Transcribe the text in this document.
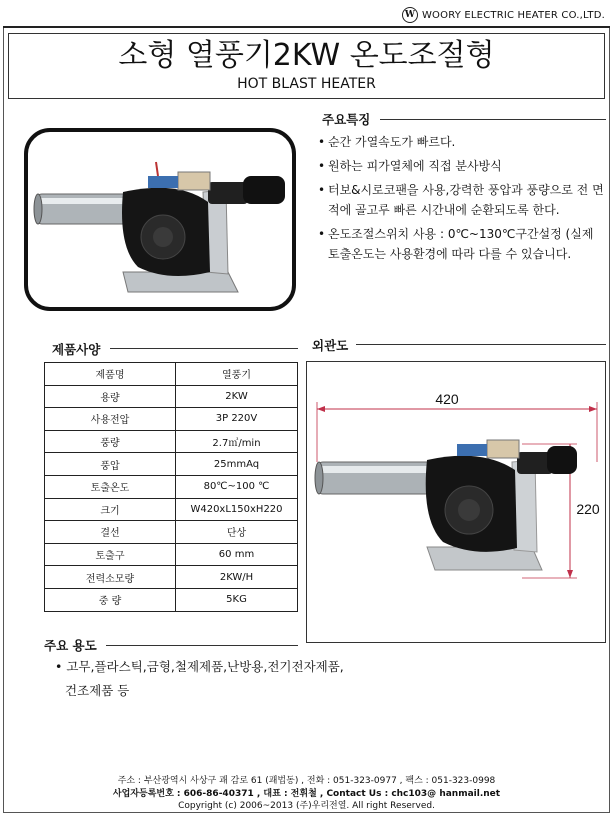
W WOORY ELECTRIC HEATER CO.,LTD.
소형 열풍기2KW 온도조절형
HOT BLAST HEATER
주요특징
• 순간 가열속도가 빠르다.
• 원하는 피가열체에 직접 분사방식
• 터보&시로코팬을 사용,강력한 풍압과 풍량으로 전 면적에 골고루 빠른 시간내에 순환되도록 한다.
• 온도조절스위치 사용 : 0℃~130℃구간설정 (실제 토출온도는 사용환경에 따라 다를 수 있습니다.
제품사양
제품명	열풍기
용량	2KW
사용전압	3P 220V
풍량	2.7㎥/min
풍압	25mmAq
토출온도	80℃~100 ℃
크기	W420xL150xH220
결선	단상
토출구	60 mm
전력소모량	2KW/H
중 량	5KG
외관도
420
220
주요 용도
• 고무,플라스틱,금형,철제제품,난방용,전기전자제품,
건조제품 등
주소 : 부산광역시 사상구 괘 감로 61 (괘법동) , 전화 : 051-323-0977 , 팩스 : 051-323-0998
사업자등록번호 : 606-86-40371 , 대표 : 전휘철 , Contact Us : chc103@ hanmail.net
Copyright (c) 2006~2013 (주)우리전열. All right Reserved.
